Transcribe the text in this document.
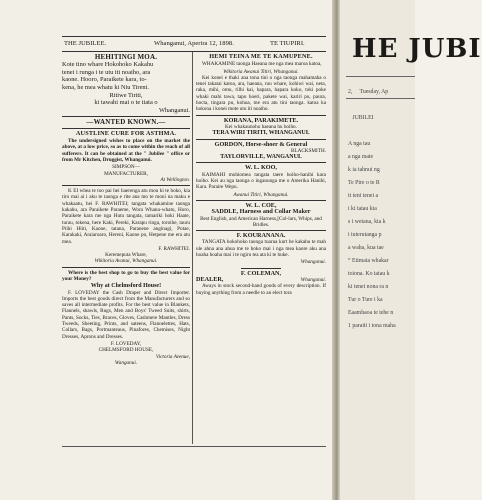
THE JUBILEE.	Whanganui, Aperira 12, 1898.	TE TIUPIRI.
HEHITINGI MOA.
Kote tino whare Hokohoko Kakahu
tenei i runga i te utu iti noaiho, ara
kaone. Hooro, Paraikete kara, to-
kena, he mea whatu ki Niu Tireni.
Ritiwe Tiriti,
ki tawahi mai o te tiata o
Whanganui.
—WANTED KNOWN.—
AUSTLINE CURE FOR ASTHMA.
The undersigned wishes to place on the market the above, at a low price, so as to come within the reach of all sufferers. It can be obtained at the " Jubilee " office or from Mr Kitchen, Druggist, Whanganui.
SIMPSON—
MANUFACTURER,
At Wellington.
K EI whea te too pai hei haerenga atu mou ki te hoko, kia tiro mai ai i aku te taonga e rite ana mo te moni na maku e whakaatu, hei F. RAWHITEI; tangata whakamine taonga kakahu, ara Paraikete Paraeme, Wora Whanu-whatu, Horo, Paraikete kara me nga Hutu tangata, tamariki hoki Haate, turau, tokena, here Kaki, Pereki, Karapu ringa, toroihe, tauru Piihi Hiiti, Kaone, tatana, Paranene anginagi, Potae, Karakaki, Araiaroaro, Hereni, Kaone po, Hetpene me era atu mea.
F. RAWHITEI.
Keremeputa Whare,
Wikitoria Avanui, Whanganui.
Where is the best shop to go to buy the best value for your Money?
Why at Chelmsford House!
F. LOVEDAY the Cash Draper and Direct Importer. Imports the best goods direct from the Manufacturers and so saves all intermediate profits. For the best value in Blankets, Flannels, shawls, Rugs, Men and Boys' Tweed Suits, shirts, Pants, Socks, Ties, Braces, Gloves, Cashmere Mantles, Dress Tweeds, Sheeting, Prints, and sateens, Flannelettes, Hats, Collars, Bags, Portmanteaus, Pinafores, Chemises, Night Dresses, Aprons and Dresses.
F. LOVEDAY,
CHELMSFORD HOUSE,
Victoria Avenue,
Wanganui.
HEMI TEINA ME TE KAMUPENE.
WHAKAMINE taonga Haeana me nga mea maroa katoa,
Wikitoria Awanui Titiri, Whanganui.
Kei konei e thaki ana tona tini o nga taonga mahamaha o tenei takatai katoa, ara, haeana, ruu whare, kohiwi wai, neta, raka, mihi, omu, rilhi kai, hapara, hapara koko, toki poke whaki mahi tawa, tapu hoeri, pakete wai, kariri pu, paura, hocta, tingara pu, kohua, me era atu tini taonga. katoa ka hokona i konei mote utu iti noaiho.
KORANA, PARAKIMETE.
Kei whakaunoho haeana hu hoiho.
TERA WIRI TIRITI, WHANGANUI.
GORDON, Horse-shoer & General
BLACKSMITH.
TAYLORVILLE, WANGANUI.
W. L. KOO,
KAIMAHI mohiomea tangata taere hoiho-hanihi kara hoiho. Kei au nga taonga o inganunga me o Amerika Hanihi, Kara. Paraire Wepu.
Awanui Titiri, Whanganui.
W. L. COE,
SADDLE, Harness and Collar Maker
Best English, and American Harness,[Col-lars, Whips, and Bridles.
F. KOURANANA.
TANGATA hokohoko taonga tuarua kurt he kakahu te mah ule ahna ana ahua me te hoko mai i nga mea kaore aku ana hoaha hoaha mai i te ngiru tea ata ki te huke.
Whanganui.
F. COLEMAN,
DEALER,	Whanganui.
Aways in stock second-hand goods of every description. If buying anything from a needle to an elect tora
HE JUBI
2,     Tuesday, Ap

JUBILEI

A nga tau
a nga mate
k ia tahnui ng
Te Pire o te R
tt teni tenei a
i ki tatau kia
s i wetana, kia k
i tuterutanga p
a waha, kua tae
“ Etimata whakar
toiona. Ko tatau k
ki tenei nona ra n
Tur o Ture i ka
Eaamhaoa te tehe n
1 paraiti i tona maha
